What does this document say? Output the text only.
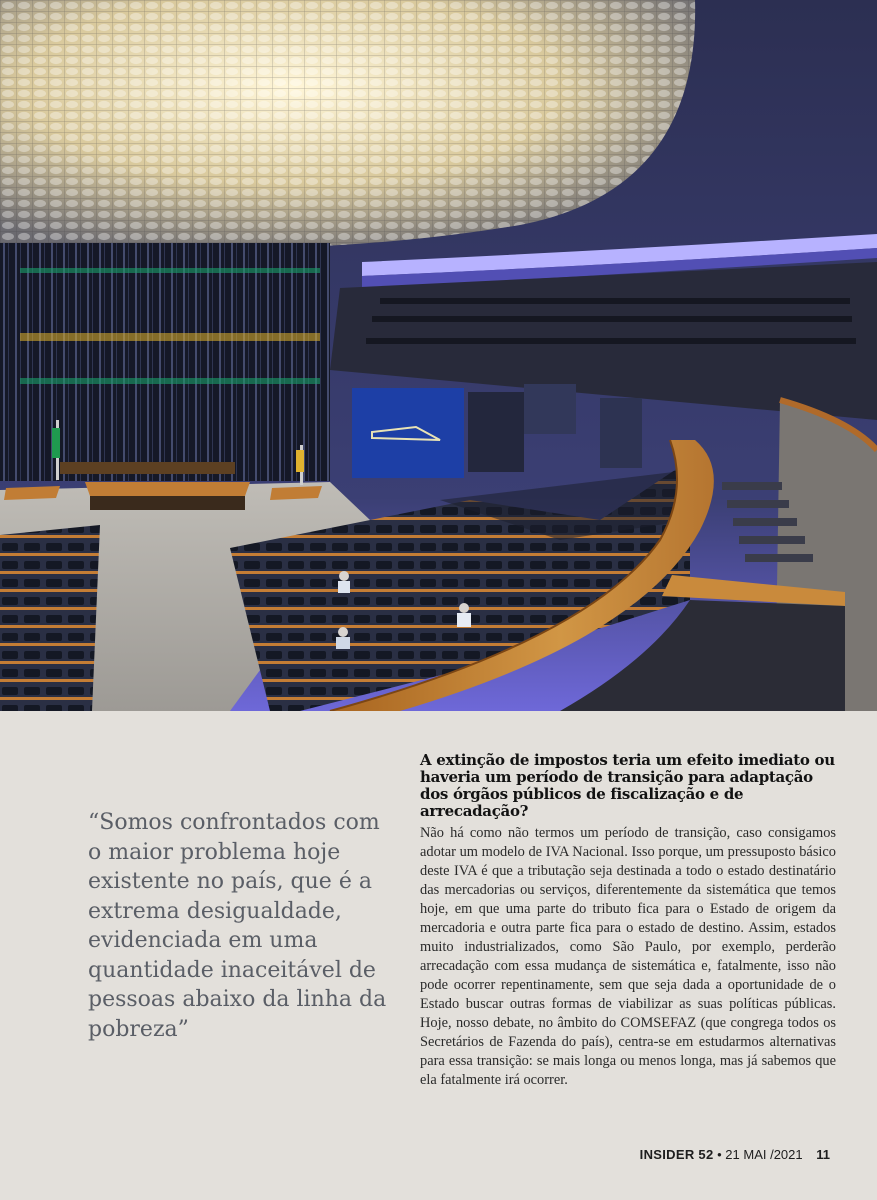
“Somos confrontados com o maior problema hoje existente no país, que é a extrema desigualdade, evidenciada em uma quantidade inaceitável de pessoas abaixo da linha da pobreza”

A extinção de impostos teria um efeito imediato ou haveria um período de transição para adaptação dos órgãos públicos de fiscalização e de arrecadação?

Não há como não termos um período de transição, caso consigamos adotar um modelo de IVA Nacional. Isso porque, um pressuposto básico deste IVA é que a tributação seja destinada a todo o estado destinatário das mercadorias ou serviços, diferentemente da sistemática que temos hoje, em que uma parte do tributo fica para o Estado de origem da mercadoria e outra parte fica para o estado de destino. Assim, estados muito industrializados, como São Paulo, por exemplo, perderão arrecadação com essa mudança de sistemática e, fatalmente, isso não pode ocorrer repentinamente, sem que seja dada a oportunidade de o Estado buscar outras formas de viabilizar as suas políticas públicas. Hoje, nosso debate, no âmbito do COMSEFAZ (que congrega todos os Secretários de Fazenda do país), centra-se em estudarmos alternativas para essa transição: se mais longa ou menos longa, mas já sabemos que ela fatalmente irá ocorrer.

INSIDER 52 • 21 MAI /2021 11
